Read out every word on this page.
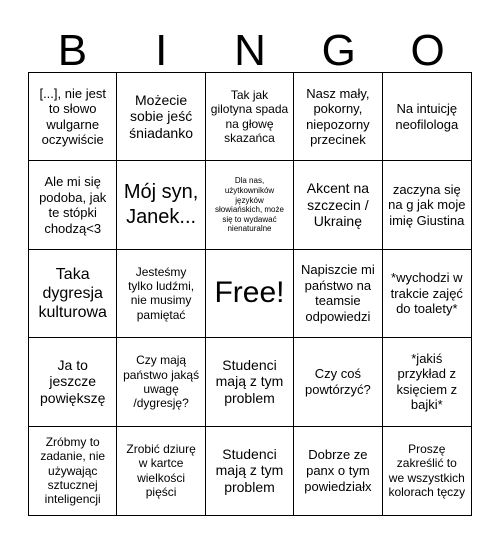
B	I	N	G	O
[...], nie jest to słowo wulgarne oczywiście
Możecie sobie jeść śniadanko
Tak jak gilotyna spada na głowę skazańca
Nasz mały, pokorny, niepozorny przecinek
Na intuicję neofilologa
Ale mi się podoba, jak te stópki chodzą<3
Mój syn, Janek...
Dla nas, użytkowników języków słowiańskich, może się to wydawać nienaturalne
Akcent na szczecin / Ukrainę
zaczyna się na g jak moje imię Giustina
Taka dygresja kulturowa
Jesteśmy tylko ludźmi, nie musimy pamiętać
Free!
Napiszcie mi państwo na teamsie odpowiedzi
*wychodzi w trakcie zajęć do toalety*
Ja to jeszcze powiększę
Czy mają państwo jakąś uwagę /dygresję?
Studenci mają z tym problem
Czy coś powtórzyć?
*jakiś przykład z księciem z bajki*
Zróbmy to zadanie, nie używając sztucznej inteligencji
Zrobić dziurę w kartce wielkości pięści
Studenci mają z tym problem
Dobrze ze panx o tym powiedziałx
Proszę zakreślić to we wszystkich kolorach tęczy
